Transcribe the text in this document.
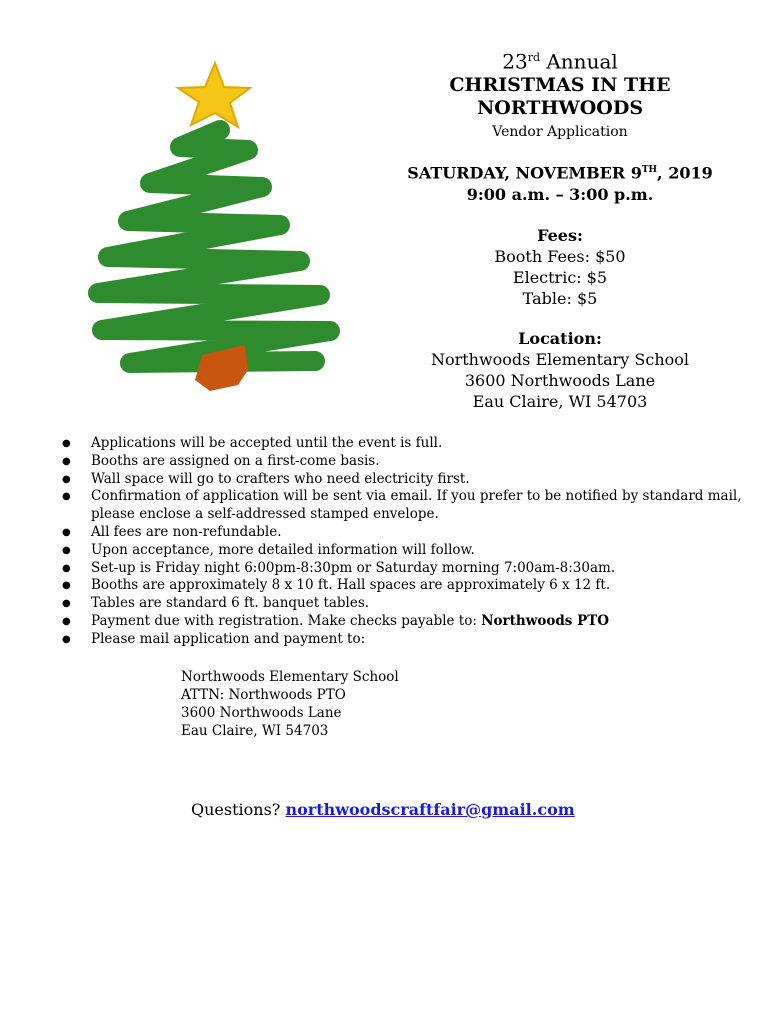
23rd Annual
CHRISTMAS IN THE
NORTHWOODS
Vendor Application
SATURDAY, NOVEMBER 9TH, 2019
9:00 a.m. – 3:00 p.m.
Fees:
Booth Fees: $50
Electric: $5
Table: $5
Location:
Northwoods Elementary School
3600 Northwoods Lane
Eau Claire, WI 54703
● Applications will be accepted until the event is full.
● Booths are assigned on a first-come basis.
● Wall space will go to crafters who need electricity first.
● Confirmation of application will be sent via email. If you prefer to be notified by standard mail, please enclose a self-addressed stamped envelope.
● All fees are non-refundable.
● Upon acceptance, more detailed information will follow.
● Set-up is Friday night 6:00pm-8:30pm or Saturday morning 7:00am-8:30am.
● Booths are approximately 8 x 10 ft. Hall spaces are approximately 6 x 12 ft.
● Tables are standard 6 ft. banquet tables.
● Payment due with registration. Make checks payable to: Northwoods PTO
● Please mail application and payment to:
Northwoods Elementary School
ATTN: Northwoods PTO
3600 Northwoods Lane
Eau Claire, WI 54703
Questions? northwoodscraftfair@gmail.com
